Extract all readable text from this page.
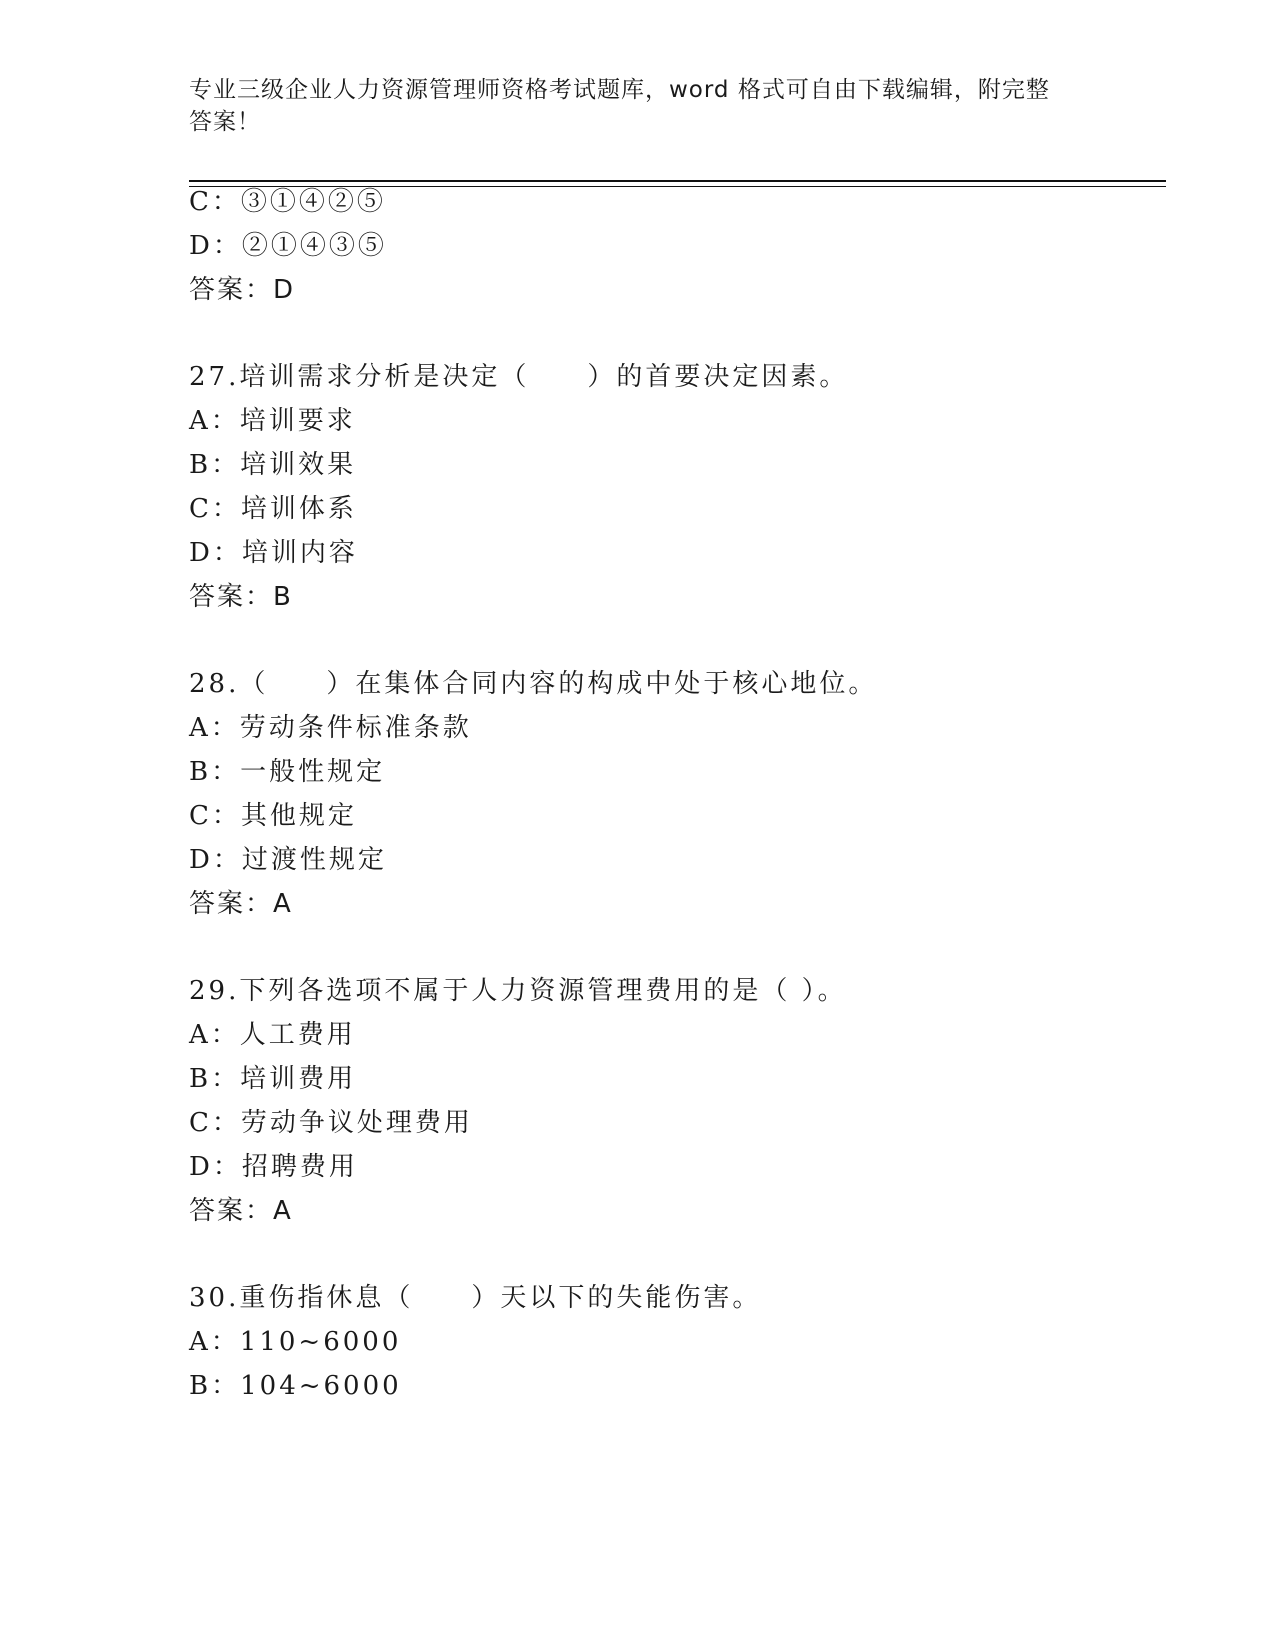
专业三级企业人力资源管理师资格考试题库，word 格式可自由下载编辑，附完整
答案！
C：③①④②⑤
D：②①④③⑤
答案：D
27.培训需求分析是决定（　　）的首要决定因素。
A：培训要求
B：培训效果
C：培训体系
D：培训内容
答案：B
28.（　　）在集体合同内容的构成中处于核心地位。
A：劳动条件标准条款
B：一般性规定
C：其他规定
D：过渡性规定
答案：A
29.下列各选项不属于人力资源管理费用的是（ ）。
A：人工费用
B：培训费用
C：劳动争议处理费用
D：招聘费用
答案：A
30.重伤指休息（　　）天以下的失能伤害。
A：110~6000
B：104~6000
